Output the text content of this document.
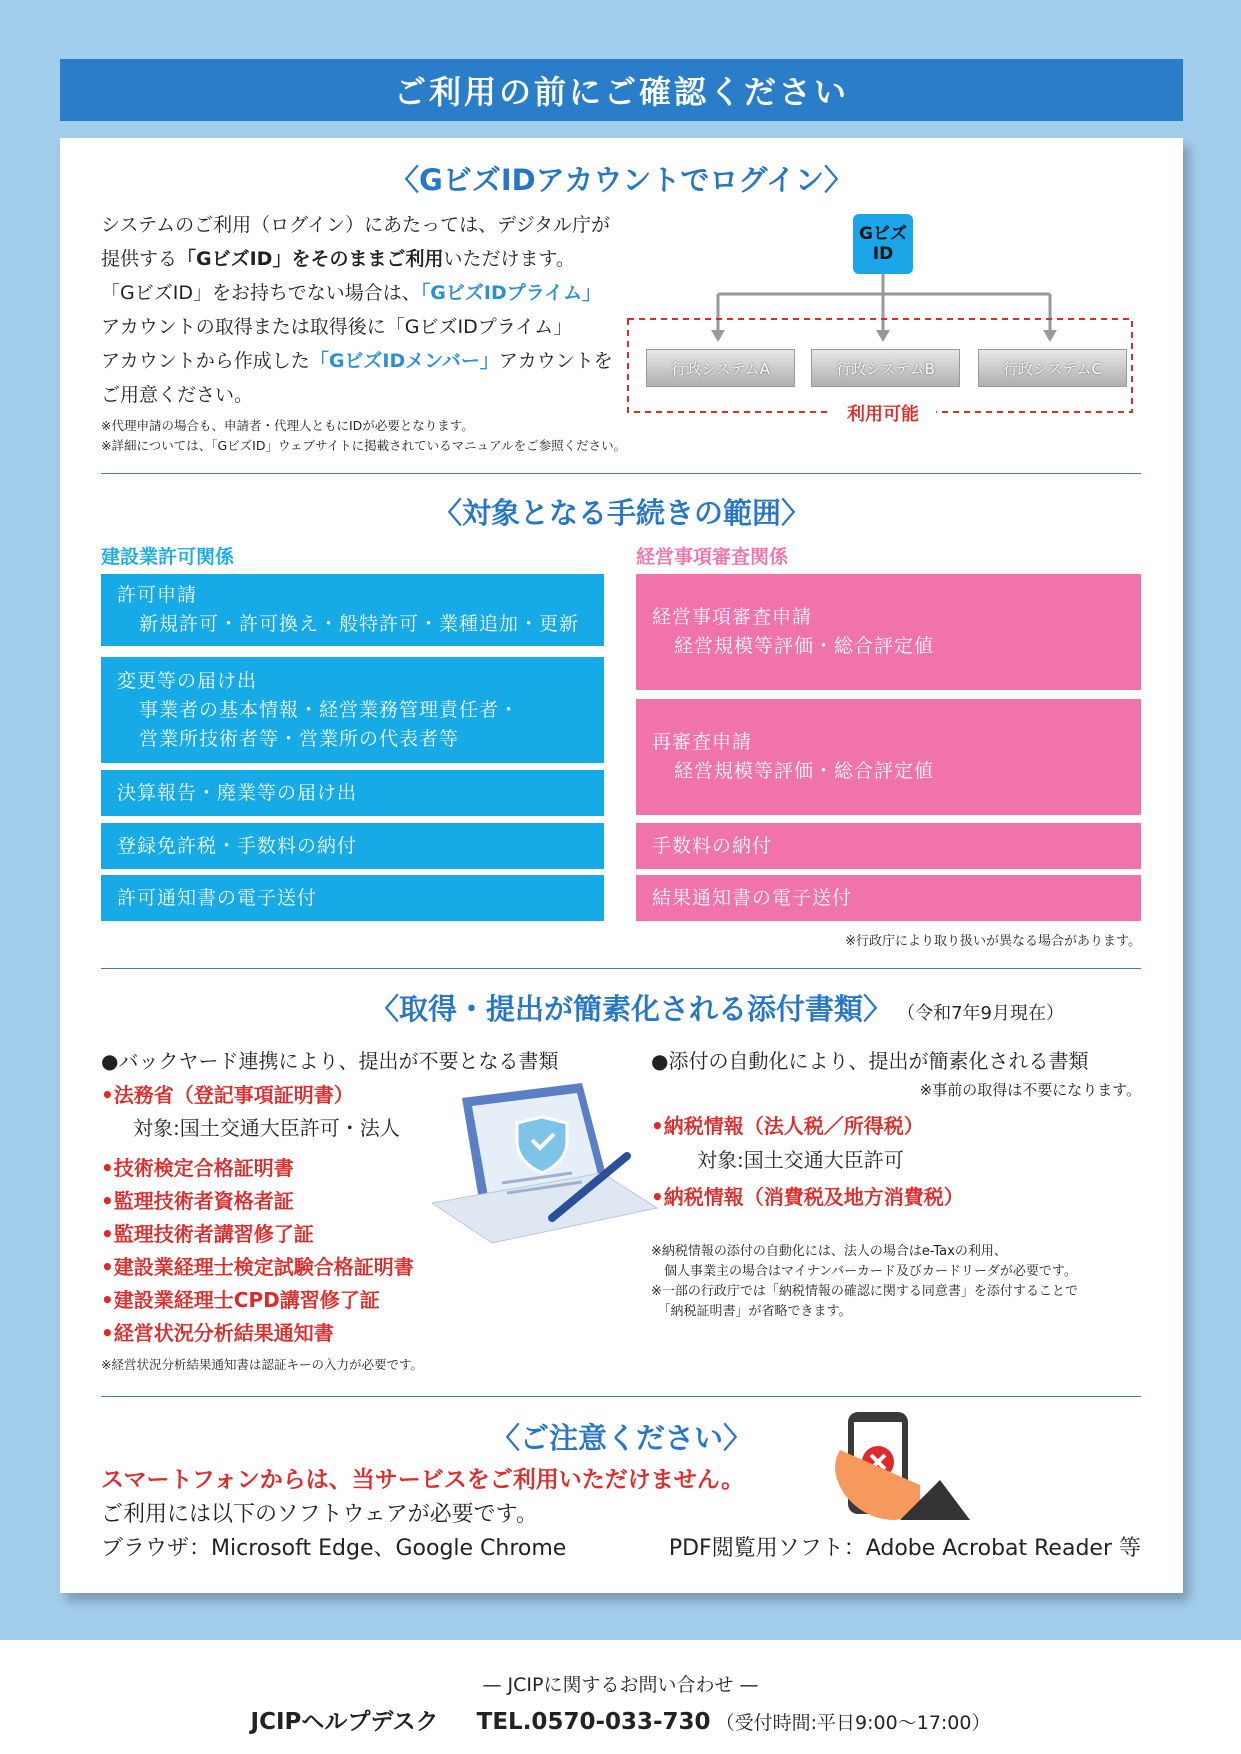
ご利用の前にご確認ください
〈GビズIDアカウントでログイン〉
システムのご利用（ログイン）にあたっては、デジタル庁が
提供する「GビズID」をそのままご利用いただけます。
「GビズID」をお持ちでない場合は、「GビズIDプライム」
アカウントの取得または取得後に「GビズIDプライム」
アカウントから作成した「GビズIDメンバー」アカウントを
ご用意ください。
※代理申請の場合も、申請者・代理人ともにIDが必要となります。
※詳細については、「GビズID」ウェブサイトに掲載されているマニュアルをご参照ください。
Gビズ
ID
行政システムA	行政システムB	行政システムC
利用可能
〈対象となる手続きの範囲〉
建設業許可関係	経営事項審査関係
許可申請
新規許可・許可換え・般特許可・業種追加・更新
変更等の届け出
事業者の基本情報・経営業務管理責任者・
営業所技術者等・営業所の代表者等
決算報告・廃業等の届け出
登録免許税・手数料の納付
許可通知書の電子送付
経営事項審査申請
経営規模等評価・総合評定値
再審査申請
経営規模等評価・総合評定値
手数料の納付
結果通知書の電子送付
※行政庁により取り扱いが異なる場合があります。
〈取得・提出が簡素化される添付書類〉 （令和7年9月現在）
●バックヤード連携により、提出が不要となる書類
•法務省（登記事項証明書）
対象:国土交通大臣許可・法人
•技術検定合格証明書
•監理技術者資格者証
•監理技術者講習修了証
•建設業経理士検定試験合格証明書
•建設業経理士CPD講習修了証
•経営状況分析結果通知書
※経営状況分析結果通知書は認証キーの入力が必要です。
●添付の自動化により、提出が簡素化される書類
※事前の取得は不要になります。
•納税情報（法人税／所得税）
対象:国土交通大臣許可
•納税情報（消費税及地方消費税）
※納税情報の添付の自動化には、法人の場合はe-Taxの利用、
　個人事業主の場合はマイナンバーカード及びカードリーダが必要です。
※一部の行政庁では「納税情報の確認に関する同意書」を添付することで
　「納税証明書」が省略できます。
〈ご注意ください〉
スマートフォンからは、当サービスをご利用いただけません。
ご利用には以下のソフトウェアが必要です。
ブラウザ：Microsoft Edge、Google Chrome	PDF閲覧用ソフト：Adobe Acrobat Reader 等
— JCIPに関するお問い合わせ —
JCIPヘルプデスク TEL.0570-033-730 （受付時間:平日9:00～17:00）
